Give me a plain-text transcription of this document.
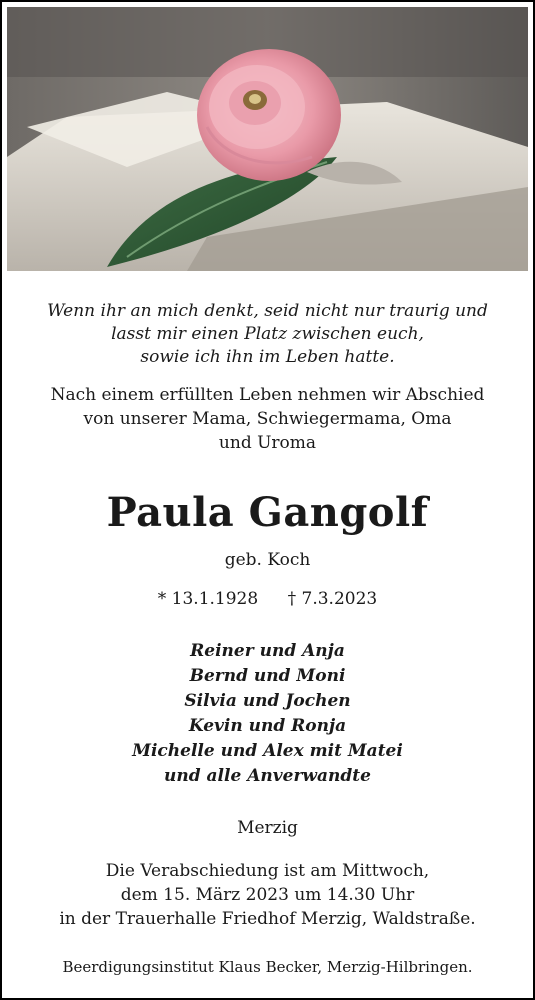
Wenn ihr an mich denkt, seid nicht nur traurig und
lasst mir einen Platz zwischen euch,
sowie ich ihn im Leben hatte.
Nach einem erfüllten Leben nehmen wir Abschied
von unserer Mama, Schwiegermama, Oma
und Uroma
Paula Gangolf
geb. Koch
* 13.1.1928 † 7.3.2023
Reiner und Anja
Bernd und Moni
Silvia und Jochen
Kevin und Ronja
Michelle und Alex mit Matei
und alle Anverwandte
Merzig
Die Verabschiedung ist am Mittwoch,
dem 15. März 2023 um 14.30 Uhr
in der Trauerhalle Friedhof Merzig, Waldstraße.
Beerdigungsinstitut Klaus Becker, Merzig-Hilbringen.
